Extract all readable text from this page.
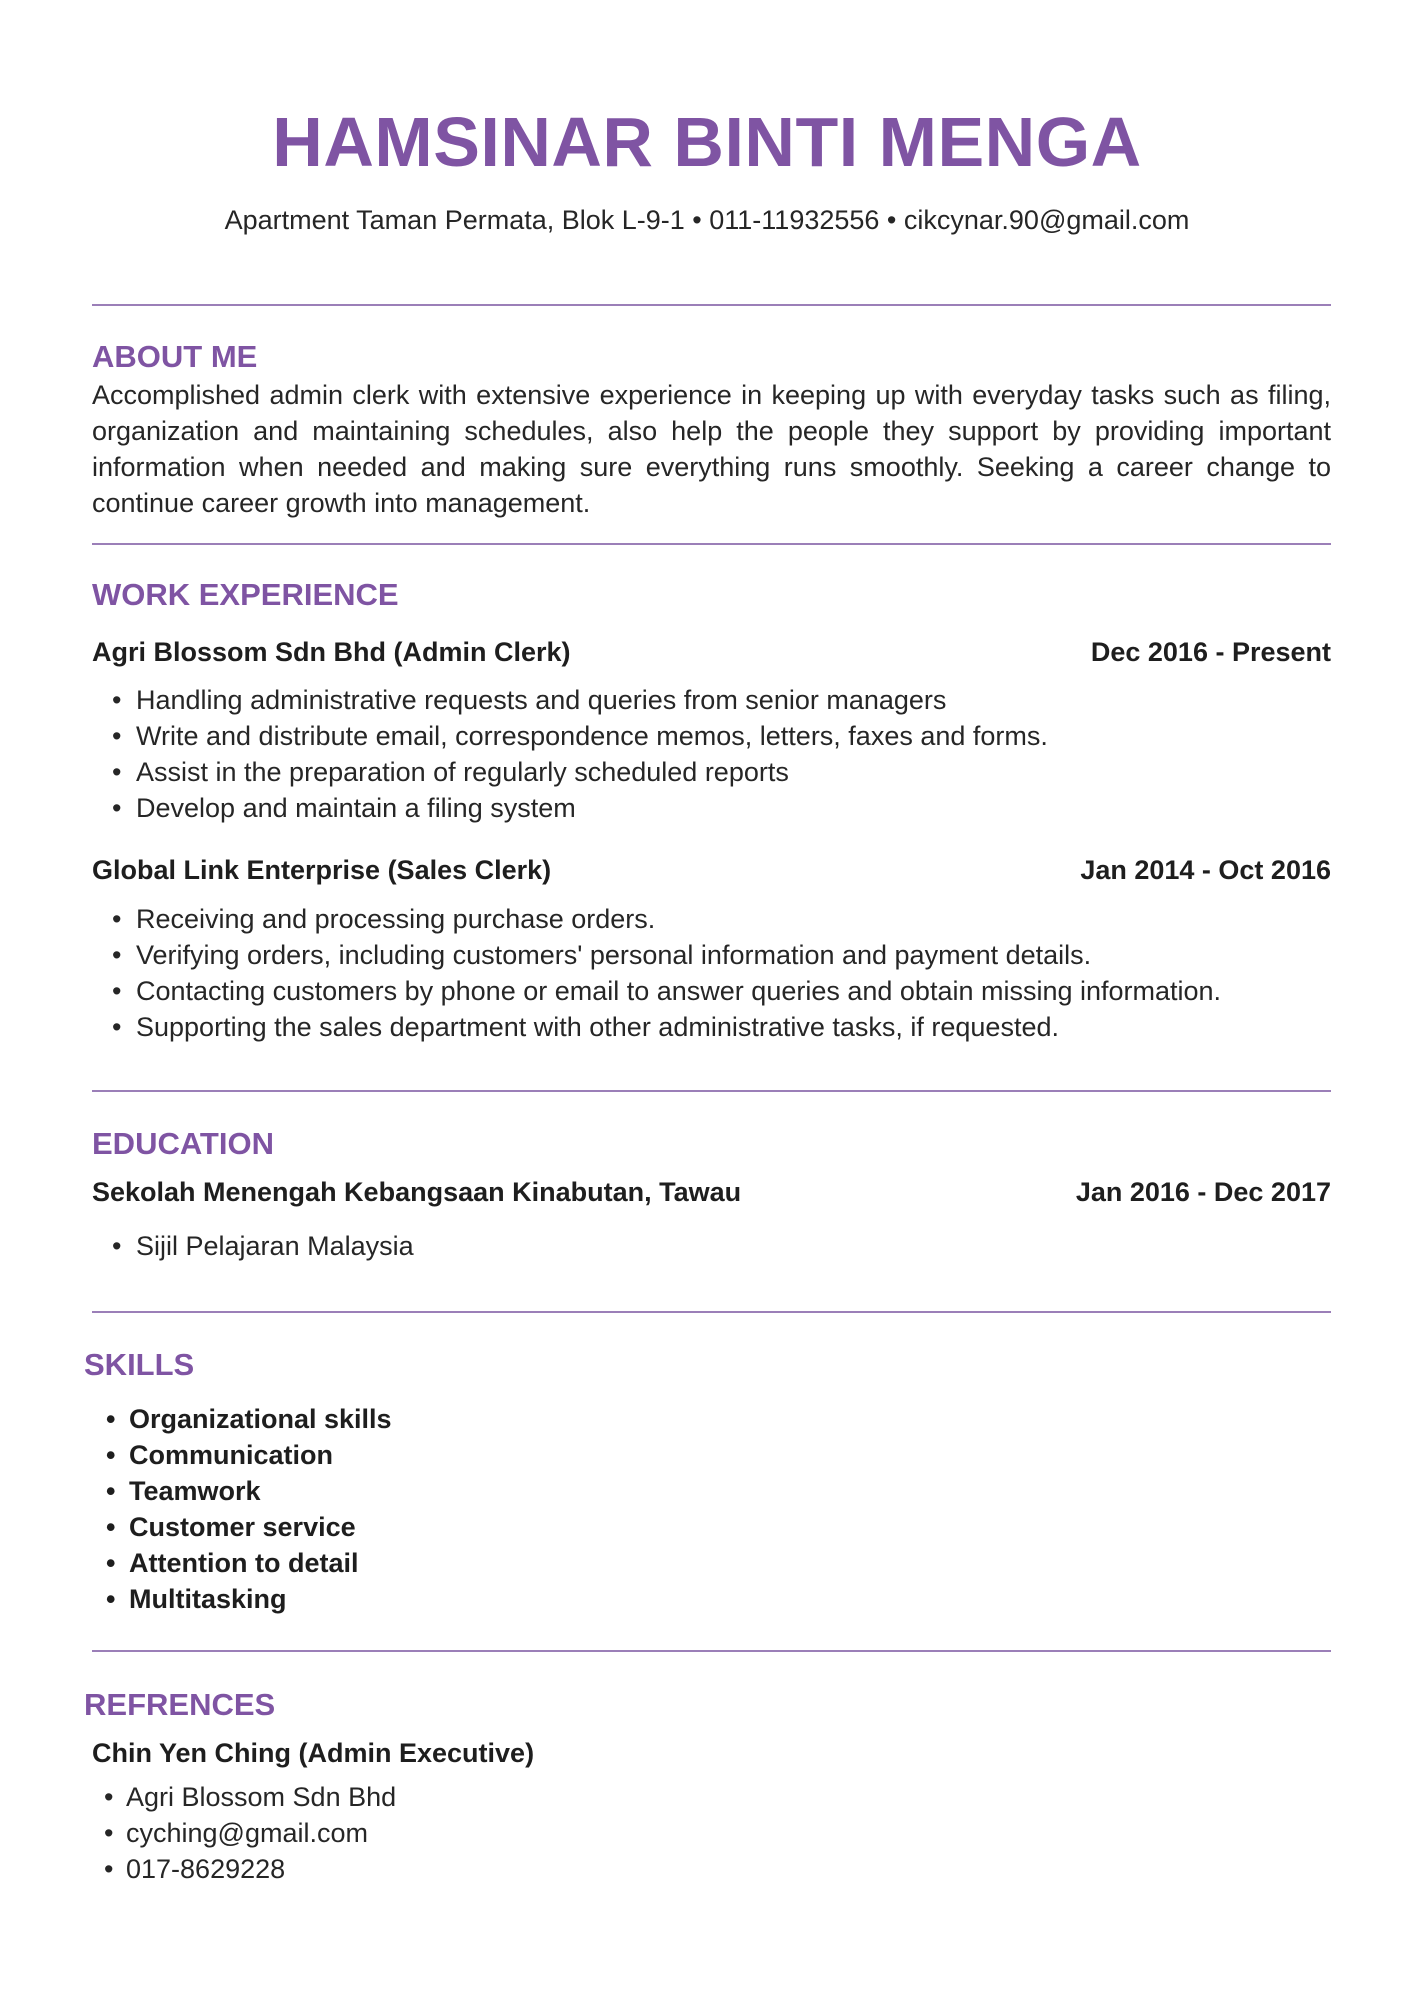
HAMSINAR BINTI MENGA
Apartment Taman Permata, Blok L-9-1 • 011-11932556 • cikcynar.90@gmail.com
ABOUT ME
Accomplished admin clerk with extensive experience in keeping up with everyday tasks such as filing, organization and maintaining schedules, also help the people they support by providing important information when needed and making sure everything runs smoothly. Seeking a career change to continue career growth into management.
WORK EXPERIENCE
Agri Blossom Sdn Bhd (Admin Clerk)	Dec 2016 - Present
• Handling administrative requests and queries from senior managers
• Write and distribute email, correspondence memos, letters, faxes and forms.
• Assist in the preparation of regularly scheduled reports
• Develop and maintain a filing system
Global Link Enterprise (Sales Clerk)	Jan 2014 - Oct 2016
• Receiving and processing purchase orders.
• Verifying orders, including customers' personal information and payment details.
• Contacting customers by phone or email to answer queries and obtain missing information.
• Supporting the sales department with other administrative tasks, if requested.
EDUCATION
Sekolah Menengah Kebangsaan Kinabutan, Tawau	Jan 2016 - Dec 2017
• Sijil Pelajaran Malaysia
SKILLS
• Organizational skills
• Communication
• Teamwork
• Customer service
• Attention to detail
• Multitasking
REFRENCES
Chin Yen Ching (Admin Executive)
• Agri Blossom Sdn Bhd
• cyching@gmail.com
• 017-8629228
